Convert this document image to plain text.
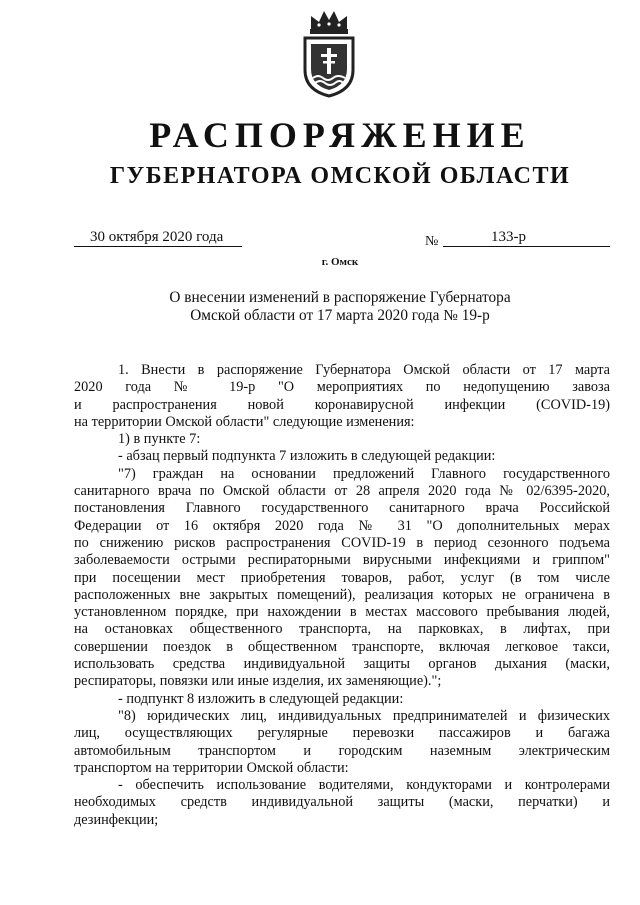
РАСПОРЯЖЕНИЕ
ГУБЕРНАТОРА ОМСКОЙ ОБЛАСТИ
30 октября 2020 года	№	133-р
г. Омск
О внесении изменений в распоряжение Губернатора
Омской области от 17 марта 2020 года № 19-р
1. Внести в распоряжение Губернатора Омской области от 17 марта
2020 года № 19-р "О мероприятиях по недопущению завоза
и распространения новой коронавирусной инфекции (COVID-19)
на территории Омской области" следующие изменения:
1) в пункте 7:
- абзац первый подпункта 7 изложить в следующей редакции:
"7) граждан на основании предложений Главного государственного
санитарного врача по Омской области от 28 апреля 2020 года № 02/6395-2020,
постановления Главного государственного санитарного врача Российской
Федерации от 16 октября 2020 года № 31 "О дополнительных мерах
по снижению рисков распространения COVID-19 в период сезонного подъема
заболеваемости острыми респираторными вирусными инфекциями и гриппом"
при посещении мест приобретения товаров, работ, услуг (в том числе
расположенных вне закрытых помещений), реализация которых не ограничена в
установленном порядке, при нахождении в местах массового пребывания людей,
на остановках общественного транспорта, на парковках, в лифтах, при
совершении поездок в общественном транспорте, включая легковое такси,
использовать средства индивидуальной защиты органов дыхания (маски,
респираторы, повязки или иные изделия, их заменяющие).";
- подпункт 8 изложить в следующей редакции:
"8) юридических лиц, индивидуальных предпринимателей и физических
лиц, осуществляющих регулярные перевозки пассажиров и багажа
автомобильным транспортом и городским наземным электрическим
транспортом на территории Омской области:
- обеспечить использование водителями, кондукторами и контролерами
необходимых средств индивидуальной защиты (маски, перчатки) и
дезинфекции;
